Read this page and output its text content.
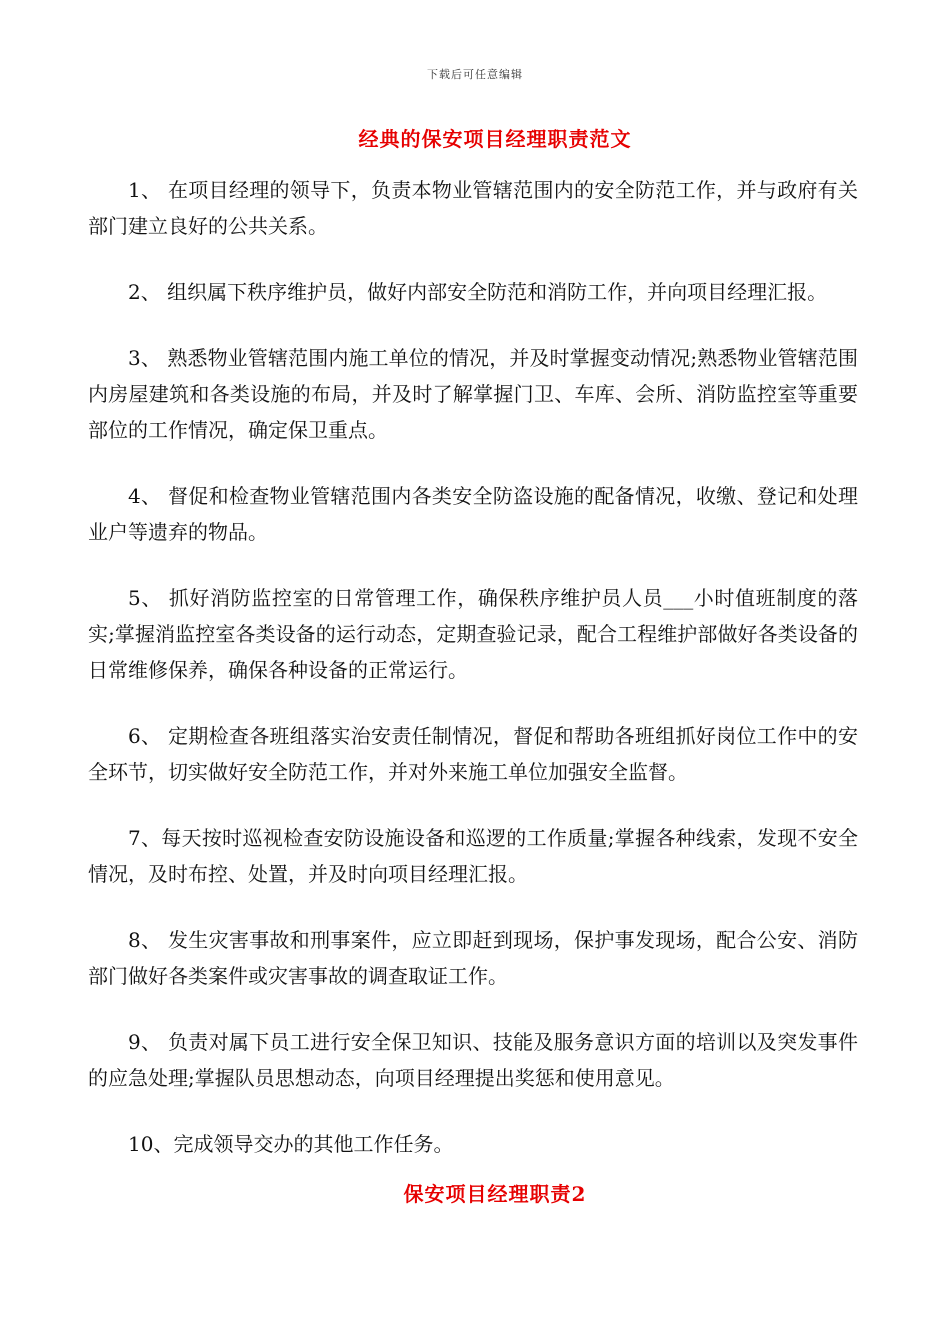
下载后可任意编辑
经典的保安项目经理职责范文

1、 在项目经理的领导下，负责本物业管辖范围内的安全防范工作，并与政府有关部门建立良好的公共关系。

2、 组织属下秩序维护员，做好内部安全防范和消防工作，并向项目经理汇报。

3、 熟悉物业管辖范围内施工单位的情况，并及时掌握变动情况;熟悉物业管辖范围内房屋建筑和各类设施的布局，并及时了解掌握门卫、车库、会所、消防监控室等重要部位的工作情况，确定保卫重点。

4、 督促和检查物业管辖范围内各类安全防盗设施的配备情况，收缴、登记和处理业户等遗弃的物品。

5、 抓好消防监控室的日常管理工作，确保秩序维护员人员___小时值班制度的落实;掌握消监控室各类设备的运行动态，定期查验记录，配合工程维护部做好各类设备的日常维修保养，确保各种设备的正常运行。

6、 定期检查各班组落实治安责任制情况，督促和帮助各班组抓好岗位工作中的安全环节，切实做好安全防范工作，并对外来施工单位加强安全监督。

7、每天按时巡视检查安防设施设备和巡逻的工作质量;掌握各种线索，发现不安全情况，及时布控、处置，并及时向项目经理汇报。

8、 发生灾害事故和刑事案件，应立即赶到现场，保护事发现场，配合公安、消防部门做好各类案件或灾害事故的调查取证工作。

9、 负责对属下员工进行安全保卫知识、技能及服务意识方面的培训以及突发事件的应急处理;掌握队员思想动态，向项目经理提出奖惩和使用意见。

10、完成领导交办的其他工作任务。

保安项目经理职责2
